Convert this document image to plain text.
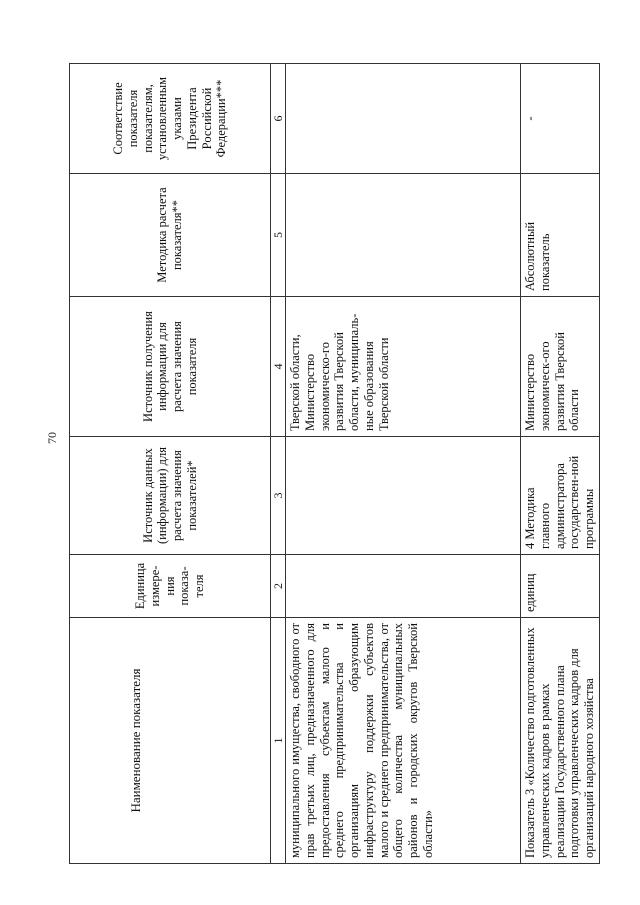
70
Наименование показателя	Единица измере-ния показа-теля	Источник данных (информации) для расчета значения показателей*	Источник получения информации для расчета значения показателя	Методика расчета показателя**	Соответствие показателя показателям, установленным указами Президента Российской Федерации***
1	2	3	4	5	6
муниципального имущества, свободного от прав третьих лиц, предназначенного для предоставления субъектам малого и среднего предпринимательства и организациям образующим инфраструктуру поддержки субъектов малого и среднего предпринимательства, от общего количества муниципальных районов и городских округов Тверской области»			Тверской области, Министерство экономическо-го развития Тверской области, муниципаль-ные образования Тверской области		
Показатель 3 «Количество подготовленных управленческих кадров в рамках реализации Государственного плана подготовки управленческих кадров для организаций народного хозяйства	единиц	4 Методика главного администратора государствен-ной программы	Министерство экономическ-ого развития Тверской области	Абсолютный показатель	-
